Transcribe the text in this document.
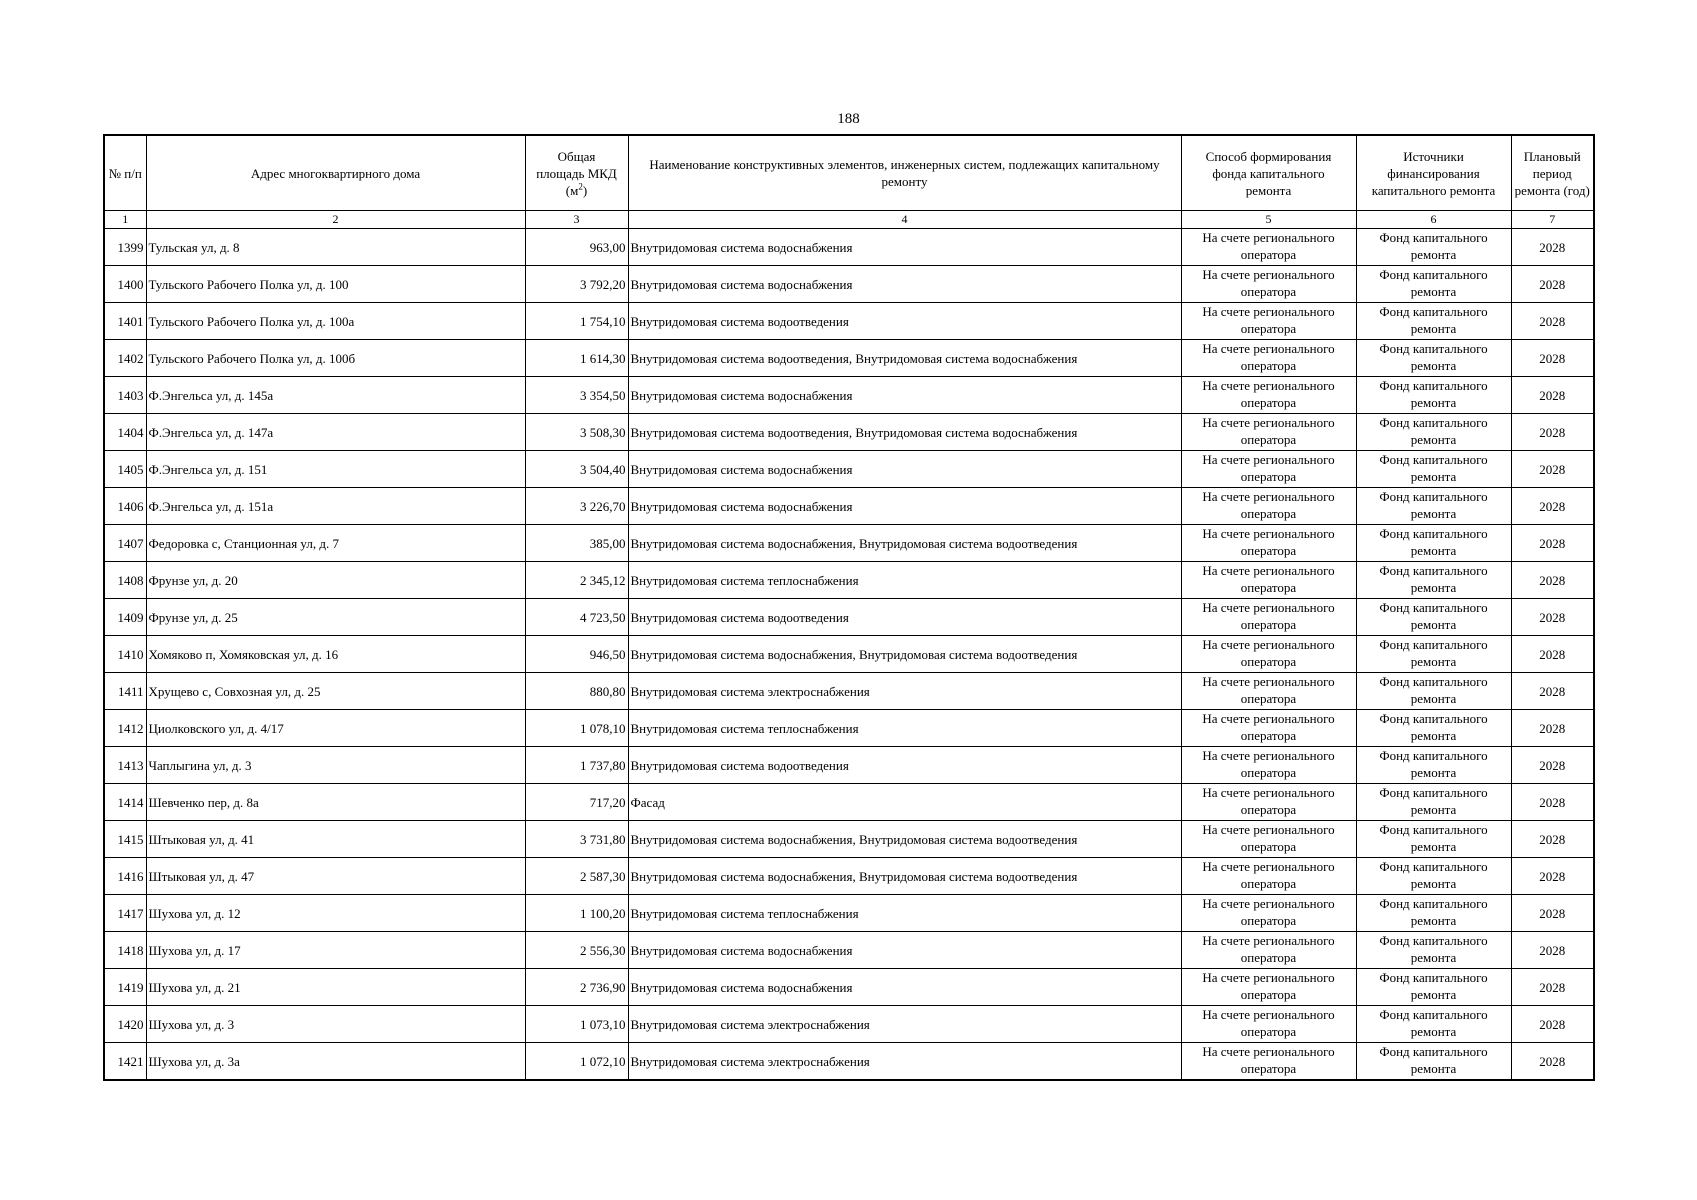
188
№ п/п	Адрес многоквартирного дома	Общая
площадь МКД
$(м^2)$	Наименование конструктивных элементов, инженерных систем, подлежащих капитальному ремонту	Способ формирования фонда капитального ремонта	Источники финансирования капитального ремонта	Плановый период ремонта (год)
1	2	3	4	5	6	7
1399	Тульская ул, д. 8	963,00	Внутридомовая система водоснабжения	На счете регионального оператора	Фонд капитального ремонта	2028
1400	Тульского Рабочего Полка ул, д. 100	3 792,20	Внутридомовая система водоснабжения	На счете регионального оператора	Фонд капитального ремонта	2028
1401	Тульского Рабочего Полка ул, д. 100а	1 754,10	Внутридомовая система водоотведения	На счете регионального оператора	Фонд капитального ремонта	2028
1402	Тульского Рабочего Полка ул, д. 100б	1 614,30	Внутридомовая система водоотведения, Внутридомовая система водоснабжения	На счете регионального оператора	Фонд капитального ремонта	2028
1403	Ф.Энгельса ул, д. 145а	3 354,50	Внутридомовая система водоснабжения	На счете регионального оператора	Фонд капитального ремонта	2028
1404	Ф.Энгельса ул, д. 147а	3 508,30	Внутридомовая система водоотведения, Внутридомовая система водоснабжения	На счете регионального оператора	Фонд капитального ремонта	2028
1405	Ф.Энгельса ул, д. 151	3 504,40	Внутридомовая система водоснабжения	На счете регионального оператора	Фонд капитального ремонта	2028
1406	Ф.Энгельса ул, д. 151а	3 226,70	Внутридомовая система водоснабжения	На счете регионального оператора	Фонд капитального ремонта	2028
1407	Федоровка с, Станционная ул, д. 7	385,00	Внутридомовая система водоснабжения, Внутридомовая система водоотведения	На счете регионального оператора	Фонд капитального ремонта	2028
1408	Фрунзе ул, д. 20	2 345,12	Внутридомовая система теплоснабжения	На счете регионального оператора	Фонд капитального ремонта	2028
1409	Фрунзе ул, д. 25	4 723,50	Внутридомовая система водоотведения	На счете регионального оператора	Фонд капитального ремонта	2028
1410	Хомяково п, Хомяковская ул, д. 16	946,50	Внутридомовая система водоснабжения, Внутридомовая система водоотведения	На счете регионального оператора	Фонд капитального ремонта	2028
1411	Хрущево с, Совхозная ул, д. 25	880,80	Внутридомовая система электроснабжения	На счете регионального оператора	Фонд капитального ремонта	2028
1412	Циолковского ул, д. 4/17	1 078,10	Внутридомовая система теплоснабжения	На счете регионального оператора	Фонд капитального ремонта	2028
1413	Чаплыгина ул, д. 3	1 737,80	Внутридомовая система водоотведения	На счете регионального оператора	Фонд капитального ремонта	2028
1414	Шевченко пер, д. 8а	717,20	Фасад	На счете регионального оператора	Фонд капитального ремонта	2028
1415	Штыковая ул, д. 41	3 731,80	Внутридомовая система водоснабжения, Внутридомовая система водоотведения	На счете регионального оператора	Фонд капитального ремонта	2028
1416	Штыковая ул, д. 47	2 587,30	Внутридомовая система водоснабжения, Внутридомовая система водоотведения	На счете регионального оператора	Фонд капитального ремонта	2028
1417	Шухова ул, д. 12	1 100,20	Внутридомовая система теплоснабжения	На счете регионального оператора	Фонд капитального ремонта	2028
1418	Шухова ул, д. 17	2 556,30	Внутридомовая система водоснабжения	На счете регионального оператора	Фонд капитального ремонта	2028
1419	Шухова ул, д. 21	2 736,90	Внутридомовая система водоснабжения	На счете регионального оператора	Фонд капитального ремонта	2028
1420	Шухова ул, д. 3	1 073,10	Внутридомовая система электроснабжения	На счете регионального оператора	Фонд капитального ремонта	2028
1421	Шухова ул, д. 3а	1 072,10	Внутридомовая система электроснабжения	На счете регионального оператора	Фонд капитального ремонта	2028
